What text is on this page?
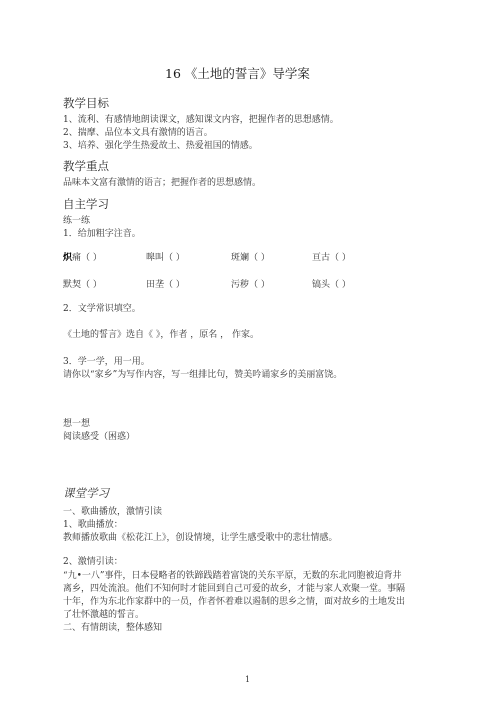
16 《土地的誓言》导学案
教学目标
1、流利、有感情地朗读课文，感知课文内容，把握作者的思想感情。
2、揣摩、品位本文具有激情的语言。
3、培养、强化学生热爱故土、热爱祖国的情感。
教学重点
品味本文富有激情的语言；把握作者的思想感情。
自主学习
练一练
1．给加粗字注音。
炽痛（ ）	嗥叫（ ）	斑斓（ ）	亘古（ ）
默契（ ）	田垄（ ）	污秽（ ）	镐头（ ）
2．文学常识填空。
《土地的誓言》选自《 》，作者 ，原名 ， 作家。
3．学一学，用一用。
请你以“家乡”为写作内容，写一组排比句，赞美吟诵家乡的美丽富饶。
想一想
阅读感受（困惑）
课堂学习
一、歌曲播放，激情引读
1、歌曲播放：
教师播放歌曲《松花江上》，创设情境，让学生感受歌中的悲壮情感。
2、激情引读：
“九•一八”事件，日本侵略者的铁蹄践踏着富饶的关东平原，无数的东北同胞被迫背井离乡，四处流浪。他们不知何时才能回到自己可爱的故乡，才能与家人欢聚一堂。事隔十年，作为东北作家群中的一员，作者怀着难以遏制的思乡之情，面对故乡的土地发出了壮怀激越的誓言。
二、有情朗读，整体感知
1
